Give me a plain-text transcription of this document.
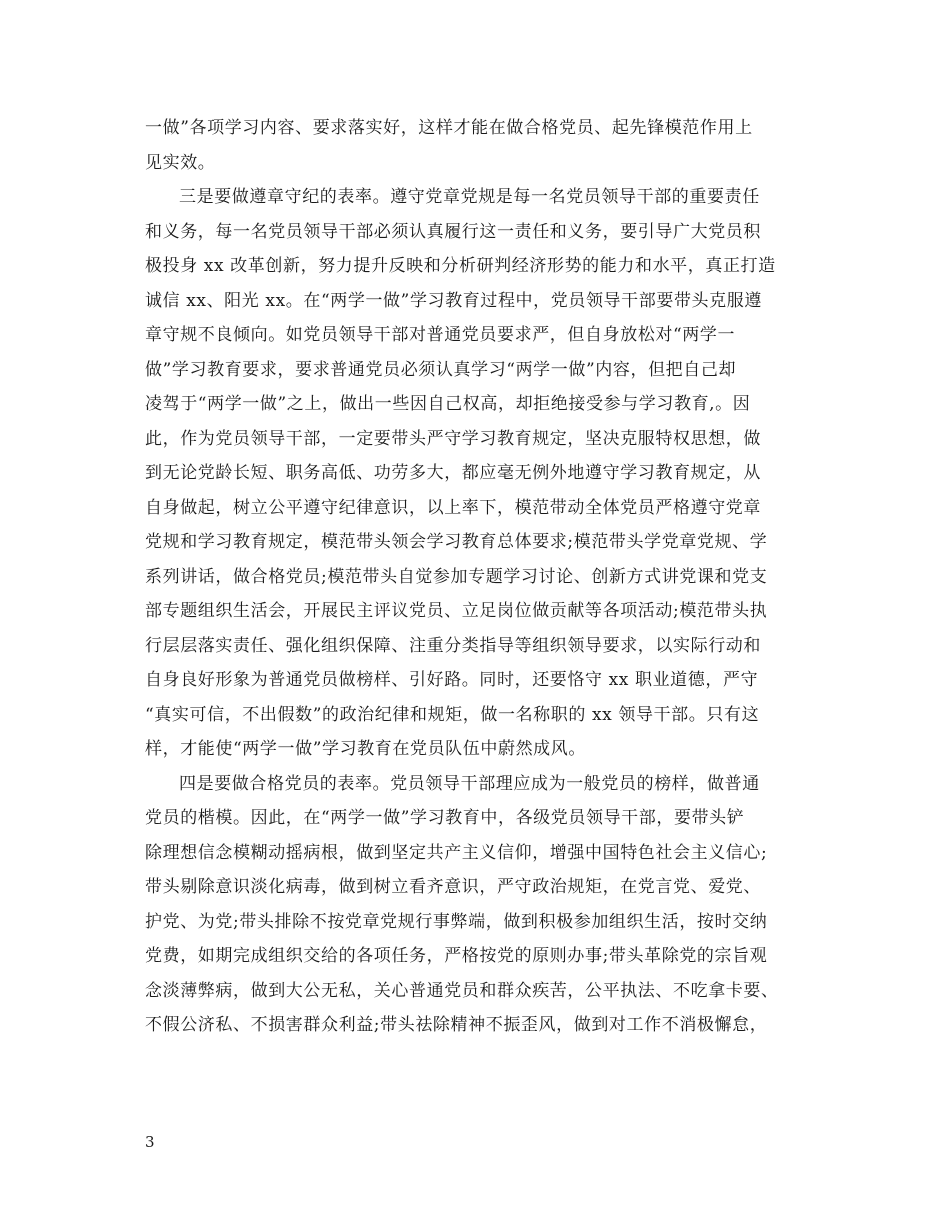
一做”各项学习内容、要求落实好，这样才能在做合格党员、起先锋模范作用上
见实效。
三是要做遵章守纪的表率。遵守党章党规是每一名党员领导干部的重要责任
和义务，每一名党员领导干部必须认真履行这一责任和义务，要引导广大党员积
极投身 xx 改革创新，努力提升反映和分析研判经济形势的能力和水平，真正打造
诚信 xx、阳光 xx。在“两学一做”学习教育过程中，党员领导干部要带头克服遵
章守规不良倾向。如党员领导干部对普通党员要求严，但自身放松对“两学一
做”学习教育要求，要求普通党员必须认真学习“两学一做”内容，但把自己却
凌驾于“两学一做”之上，做出一些因自己权高，却拒绝接受参与学习教育,。因
此，作为党员领导干部，一定要带头严守学习教育规定，坚决克服特权思想，做
到无论党龄长短、职务高低、功劳多大，都应毫无例外地遵守学习教育规定，从
自身做起，树立公平遵守纪律意识，以上率下，模范带动全体党员严格遵守党章
党规和学习教育规定，模范带头领会学习教育总体要求;模范带头学党章党规、学
系列讲话，做合格党员;模范带头自觉参加专题学习讨论、创新方式讲党课和党支
部专题组织生活会，开展民主评议党员、立足岗位做贡献等各项活动;模范带头执
行层层落实责任、强化组织保障、注重分类指导等组织领导要求，以实际行动和
自身良好形象为普通党员做榜样、引好路。同时，还要恪守 xx 职业道德，严守
“真实可信，不出假数”的政治纪律和规矩，做一名称职的 xx 领导干部。只有这
样，才能使“两学一做”学习教育在党员队伍中蔚然成风。
四是要做合格党员的表率。党员领导干部理应成为一般党员的榜样，做普通
党员的楷模。因此，在“两学一做”学习教育中，各级党员领导干部，要带头铲
除理想信念模糊动摇病根，做到坚定共产主义信仰，增强中国特色社会主义信心;
带头剔除意识淡化病毒，做到树立看齐意识，严守政治规矩，在党言党、爱党、
护党、为党;带头排除不按党章党规行事弊端，做到积极参加组织生活，按时交纳
党费，如期完成组织交给的各项任务，严格按党的原则办事;带头革除党的宗旨观
念淡薄弊病，做到大公无私，关心普通党员和群众疾苦，公平执法、不吃拿卡要、
不假公济私、不损害群众利益;带头祛除精神不振歪风，做到对工作不消极懈怠，
3
